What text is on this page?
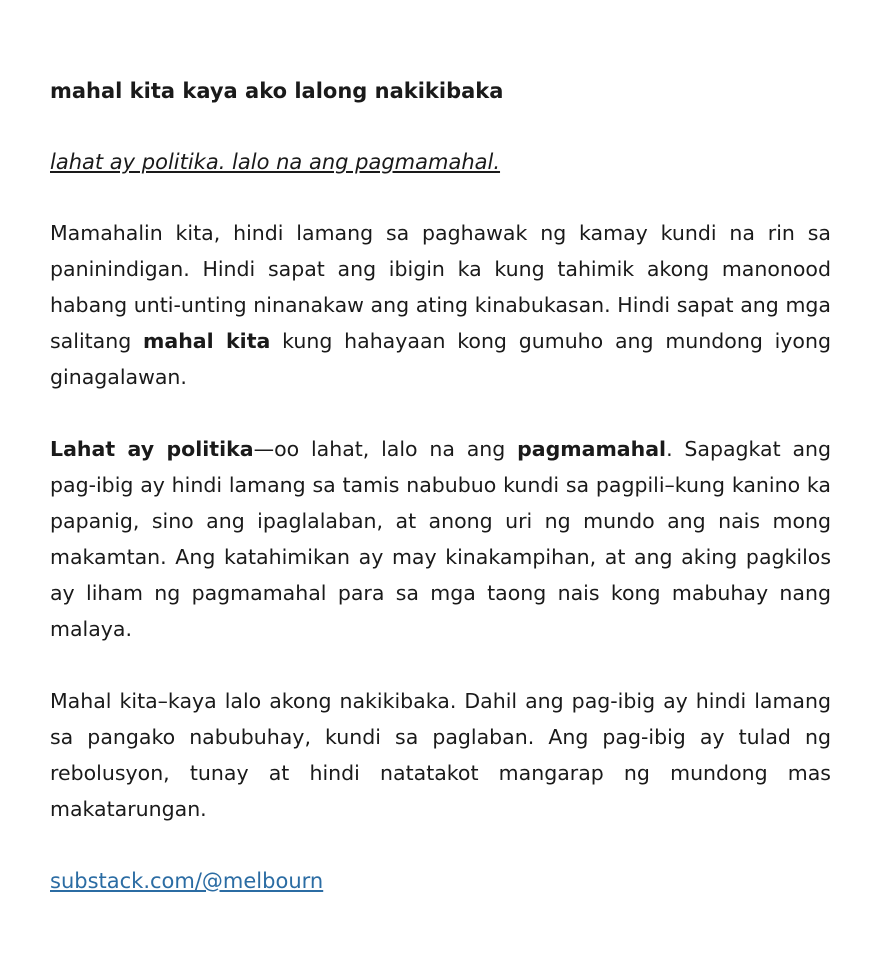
mahal kita kaya ako lalong nakikibaka

lahat ay politika. lalo na ang pagmamahal.

Mamahalin kita, hindi lamang sa paghawak ng kamay kundi na rin sa paninindigan. Hindi sapat ang ibigin ka kung tahimik akong manonood habang unti-unting ninanakaw ang ating kinabukasan. Hindi sapat ang mga salitang mahal kita kung hahayaan kong gumuho ang mundong iyong ginagalawan.

Lahat ay politika—oo lahat, lalo na ang pagmamahal. Sapagkat ang pag-ibig ay hindi lamang sa tamis nabubuo kundi sa pagpili–kung kanino ka papanig, sino ang ipaglalaban, at anong uri ng mundo ang nais mong makamtan. Ang katahimikan ay may kinakampihan, at ang aking pagkilos ay liham ng pagmamahal para sa mga taong nais kong mabuhay nang malaya.

Mahal kita–kaya lalo akong nakikibaka. Dahil ang pag-ibig ay hindi lamang sa pangako nabubuhay, kundi sa paglaban. Ang pag-ibig ay tulad ng rebolusyon, tunay at hindi natatakot mangarap ng mundong mas makatarungan.

substack.com/@melbourn
